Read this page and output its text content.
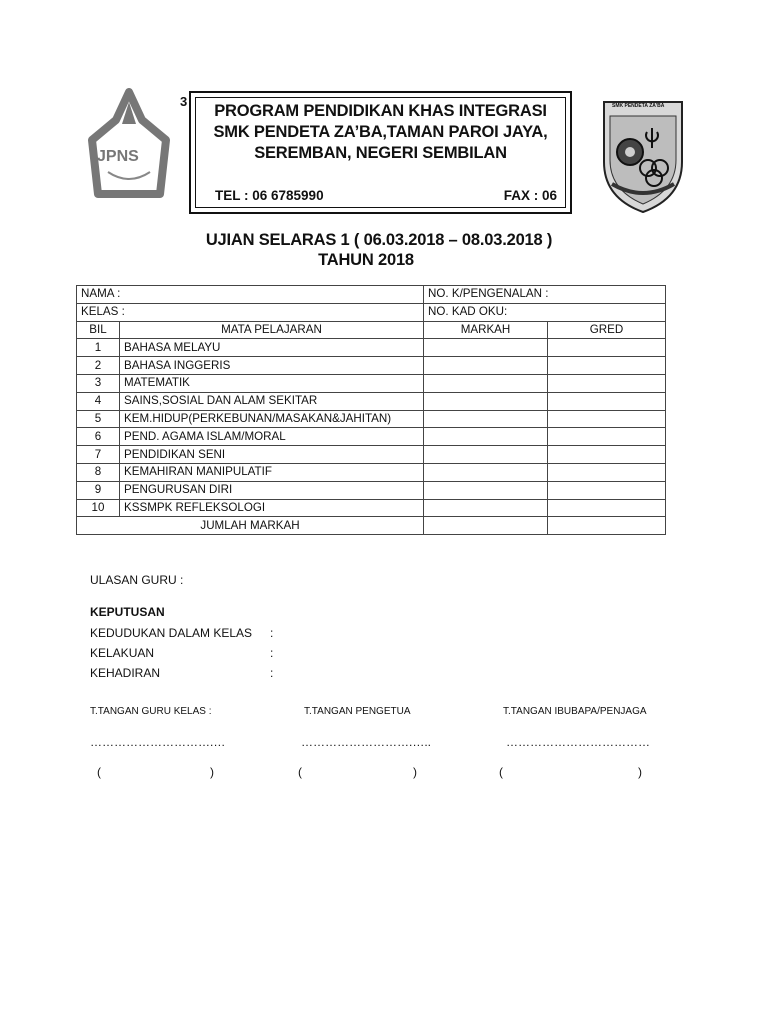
3
JPNS
SMK PENDETA ZA'BA
PROGRAM PENDIDIKAN KHAS INTEGRASI
SMK PENDETA ZA’BA,TAMAN PAROI JAYA,
SEREMBAN, NEGERI SEMBILAN
TEL : 06 6785990	FAX : 06
UJIAN SELARAS 1 ( 06.03.2018 – 08.03.2018 )
TAHUN 2018
NAMA :		NO. K/PENGENALAN :	
KELAS :		NO. KAD OKU:	
BIL	MATA PELAJARAN	MARKAH	GRED
1	BAHASA MELAYU		
2	BAHASA INGGERIS		
3	MATEMATIK		
4	SAINS,SOSIAL DAN ALAM SEKITAR		
5	KEM.HIDUP(PERKEBUNAN/MASAKAN&JAHITAN)		
6	PEND. AGAMA ISLAM/MORAL		
7	PENDIDIKAN SENI		
8	KEMAHIRAN MANIPULATIF		
9	PENGURUSAN DIRI		
10	KSSMPK REFLEKSOLOGI		
JUMLAH MARKAH			
ULASAN GURU :
KEPUTUSAN
KEDUDUKAN DALAM KELAS :
KELAKUAN	:
KEHADIRAN	:
T.TANGAN GURU KELAS :	T.TANGAN PENGETUA	T.TANGAN IBUBAPA/PENJAGA
………………………….…	……………………….…..	………………………………
(	)	(	)	(	)
